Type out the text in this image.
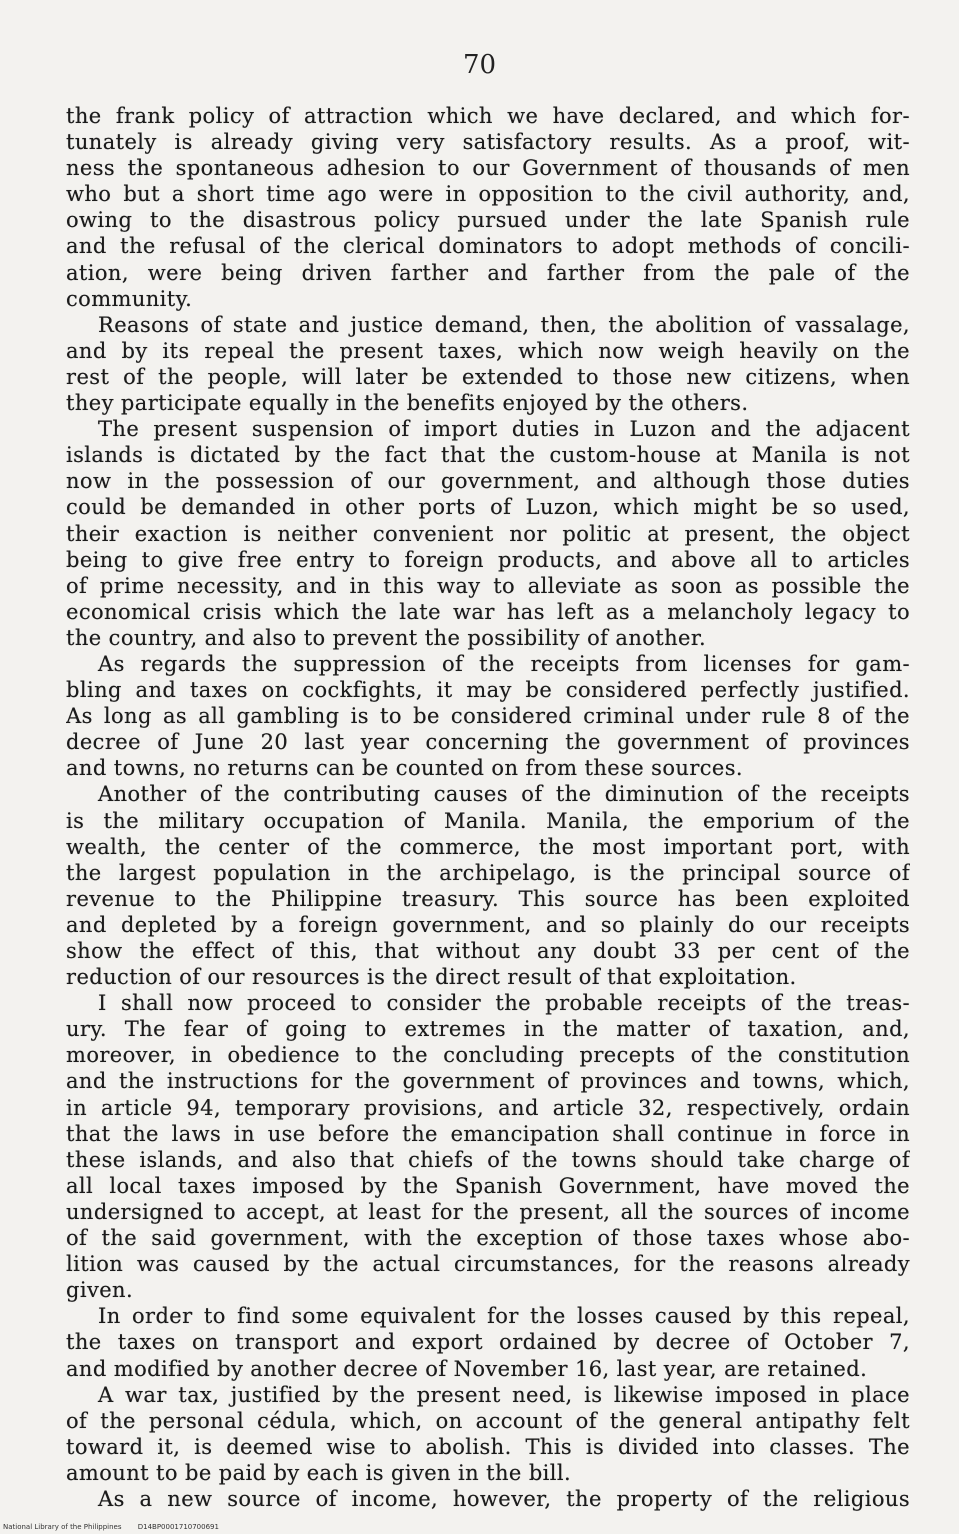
70
the frank policy of attraction which we have declared, and which for-
tunately is already giving very satisfactory results. As a proof, wit-
ness the spontaneous adhesion to our Government of thousands of men
who but a short time ago were in opposition to the civil authority, and,
owing to the disastrous policy pursued under the late Spanish rule
and the refusal of the clerical dominators to adopt methods of concili-
ation, were being driven farther and farther from the pale of the
community.
Reasons of state and justice demand, then, the abolition of vassalage,
and by its repeal the present taxes, which now weigh heavily on the
rest of the people, will later be extended to those new citizens, when
they participate equally in the benefits enjoyed by the others.
The present suspension of import duties in Luzon and the adjacent
islands is dictated by the fact that the custom-house at Manila is not
now in the possession of our government, and although those duties
could be demanded in other ports of Luzon, which might be so used,
their exaction is neither convenient nor politic at present, the object
being to give free entry to foreign products, and above all to articles
of prime necessity, and in this way to alleviate as soon as possible the
economical crisis which the late war has left as a melancholy legacy to
the country, and also to prevent the possibility of another.
As regards the suppression of the receipts from licenses for gam-
bling and taxes on cockfights, it may be considered perfectly justified.
As long as all gambling is to be considered criminal under rule 8 of the
decree of June 20 last year concerning the government of provinces
and towns, no returns can be counted on from these sources.
Another of the contributing causes of the diminution of the receipts
is the military occupation of Manila. Manila, the emporium of the
wealth, the center of the commerce, the most important port, with
the largest population in the archipelago, is the principal source of
revenue to the Philippine treasury. This source has been exploited
and depleted by a foreign government, and so plainly do our receipts
show the effect of this, that without any doubt 33 per cent of the
reduction of our resources is the direct result of that exploitation.
I shall now proceed to consider the probable receipts of the treas-
ury. The fear of going to extremes in the matter of taxation, and,
moreover, in obedience to the concluding precepts of the constitution
and the instructions for the government of provinces and towns, which,
in article 94, temporary provisions, and article 32, respectively, ordain
that the laws in use before the emancipation shall continue in force in
these islands, and also that chiefs of the towns should take charge of
all local taxes imposed by the Spanish Government, have moved the
undersigned to accept, at least for the present, all the sources of income
of the said government, with the exception of those taxes whose abo-
lition was caused by the actual circumstances, for the reasons already
given.
In order to find some equivalent for the losses caused by this repeal,
the taxes on transport and export ordained by decree of October 7,
and modified by another decree of November 16, last year, are retained.
A war tax, justified by the present need, is likewise imposed in place
of the personal cédula, which, on account of the general antipathy felt
toward it, is deemed wise to abolish. This is divided into classes. The
amount to be paid by each is given in the bill.
As a new source of income, however, the property of the religious
National Library of the Philippines D14BP0001710700691
